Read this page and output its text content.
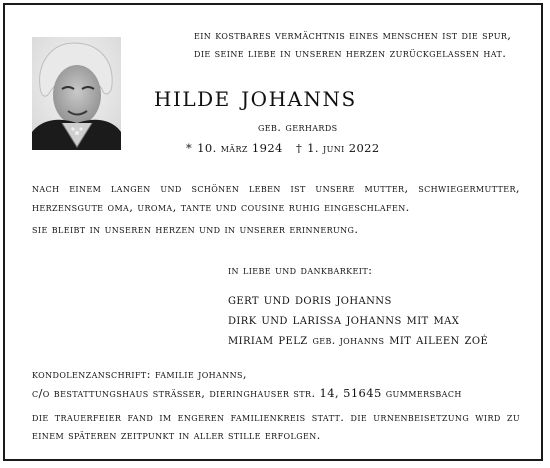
ein kostbares vermächtnis eines menschen ist die spur,
die seine liebe in unseren herzen zurückgelassen hat.
hilde johanns
geb. gerhards
* 10. märz 1924 † 1. juni 2022
nach einem langen und schönen leben ist unsere mutter, schwiegermutter, herzensgute oma, uroma, tante und cousine ruhig eingeschlafen.
sie bleibt in unseren herzen und in unserer erinnerung.
in liebe und dankbarkeit:
gert und doris johanns
dirk und larissa johanns mit max
miriam pelz geb. johanns mit aileen zoé
kondolenzanschrift: familie johanns,
c/o bestattungshaus strässer, dieringhauser str. 14, 51645 gummersbach
die trauerfeier fand im engeren familienkreis statt. die urnenbeisetzung wird zu einem späteren zeitpunkt in aller stille erfolgen.
